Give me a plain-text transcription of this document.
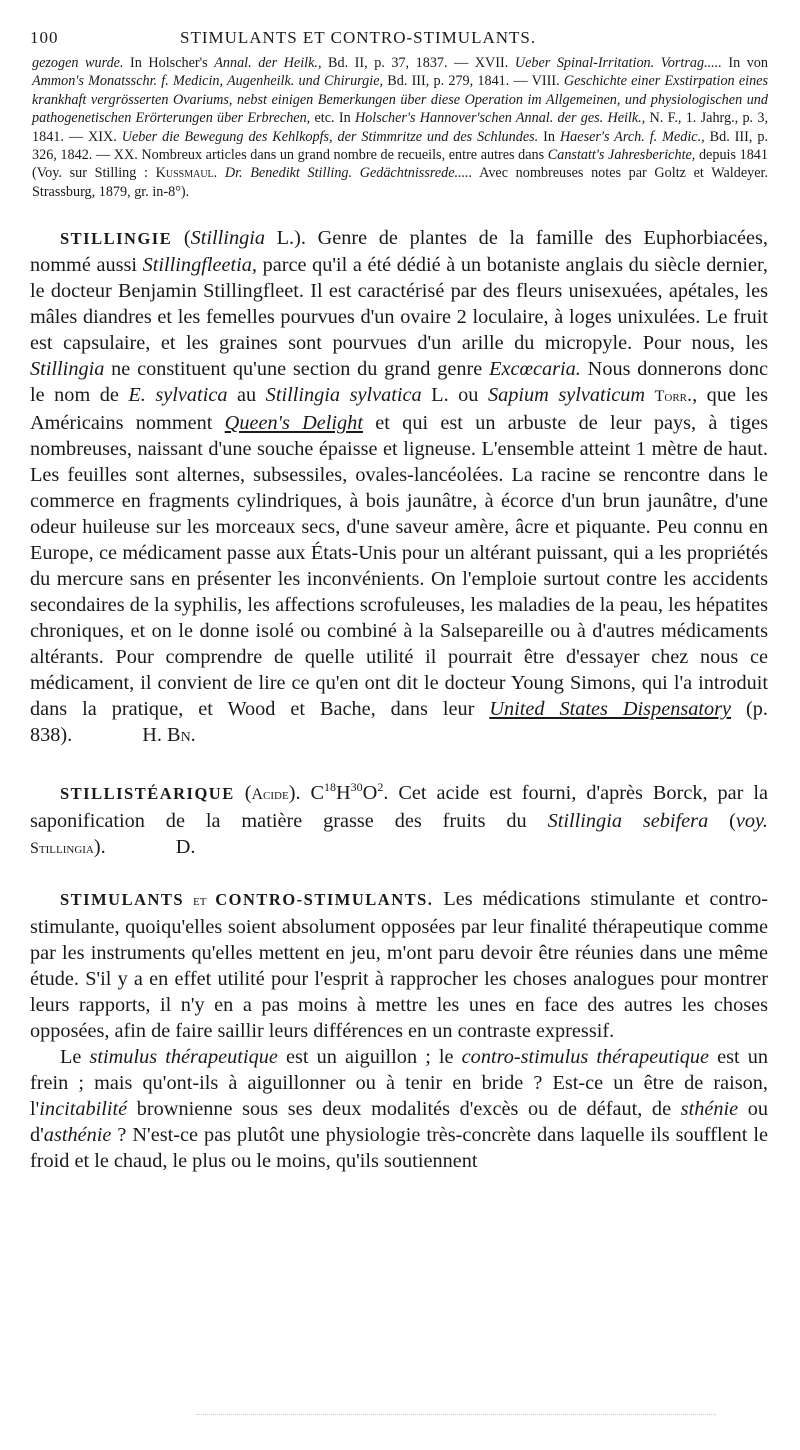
100	STIMULANTS ET CONTRO-STIMULANTS.

gezogen wurde. In Holscher's Annal. der Heilk., Bd. II, p. 37, 1837. — XVII. Ueber Spinal-Irritation. Vortrag..... In von Ammon's Monatsschr. f. Medicin, Augenheilk. und Chirurgie, Bd. III, p. 279, 1841. — VIII. Geschichte einer Exstirpation eines krankhaft vergrösserten Ovariums, nebst einigen Bemerkungen über diese Operation im Allgemeinen, und physiologischen und pathogenetischen Erörterungen über Erbrechen, etc. In Holscher's Hannover'schen Annal. der ges. Heilk., N. F., 1. Jahrg., p. 3, 1841. — XIX. Ueber die Bewegung des Kehlkopfs, der Stimmritze und des Schlundes. In Haeser's Arch. f. Medic., Bd. III, p. 326, 1842. — XX. Nombreux articles dans un grand nombre de recueils, entre autres dans Canstatt's Jahresberichte, depuis 1841 (Voy. sur Stilling : Kussmaul. Dr. Benedikt Stilling. Gedächtnissrede..... Avec nombreuses notes par Goltz et Waldeyer. Strassburg, 1879, gr. in-8°).

STILLINGIE (Stillingia L.). Genre de plantes de la famille des Euphorbiacées, nommé aussi Stillingfleetia, parce qu'il a été dédié à un botaniste anglais du siècle dernier, le docteur Benjamin Stillingfleet. Il est caractérisé par des fleurs unisexuées, apétales, les mâles diandres et les femelles pourvues d'un ovaire 2 loculaire, à loges unixulées. Le fruit est capsulaire, et les graines sont pourvues d'un arille du micropyle. Pour nous, les Stillingia ne constituent qu'une section du grand genre Excœcaria. Nous donnerons donc le nom de E. sylvatica au Stillingia sylvatica L. ou Sapium sylvaticum Torr., que les Américains nomment Queen's Delight et qui est un arbuste de leur pays, à tiges nombreuses, naissant d'une souche épaisse et ligneuse. L'ensemble atteint 1 mètre de haut. Les feuilles sont alternes, subsessiles, ovales-lancéolées. La racine se rencontre dans le commerce en fragments cylindriques, à bois jaunâtre, à écorce d'un brun jaunâtre, d'une odeur huileuse sur les morceaux secs, d'une saveur amère, âcre et piquante. Peu connu en Europe, ce médicament passe aux États-Unis pour un altérant puissant, qui a les propriétés du mercure sans en présenter les inconvénients. On l'emploie surtout contre les accidents secondaires de la syphilis, les affections scrofuleuses, les maladies de la peau, les hépatites chroniques, et on le donne isolé ou combiné à la Salsepareille ou à d'autres médicaments altérants. Pour comprendre de quelle utilité il pourrait être d'essayer chez nous ce médicament, il convient de lire ce qu'en ont dit le docteur Young Simons, qui l'a introduit dans la pratique, et Wood et Bache, dans leur United States Dispensatory (p. 838).	H. Bn.

STILLISTÉARIQUE (Acide). $C^{18}H^{30}O^2$. Cet acide est fourni, d'après Borck, par la saponification de la matière grasse des fruits du Stillingia sebifera (voy. Stillingia).	D.

STIMULANTS et CONTRO-STIMULANTS. Les médications stimulante et contro-stimulante, quoiqu'elles soient absolument opposées par leur finalité thérapeutique comme par les instruments qu'elles mettent en jeu, m'ont paru devoir être réunies dans une même étude. S'il y a en effet utilité pour l'esprit à rapprocher les choses analogues pour montrer leurs rapports, il n'y en a pas moins à mettre les unes en face des autres les choses opposées, afin de faire saillir leurs différences en un contraste expressif.

Le stimulus thérapeutique est un aiguillon ; le contro-stimulus thérapeutique est un frein ; mais qu'ont-ils à aiguillonner ou à tenir en bride ? Est-ce un être de raison, l'incitabilité brownienne sous ses deux modalités d'excès ou de défaut, de sthénie ou d'asthénie ? N'est-ce pas plutôt une physiologie très-concrète dans laquelle ils soufflent le froid et le chaud, le plus ou le moins, qu'ils soutiennent
